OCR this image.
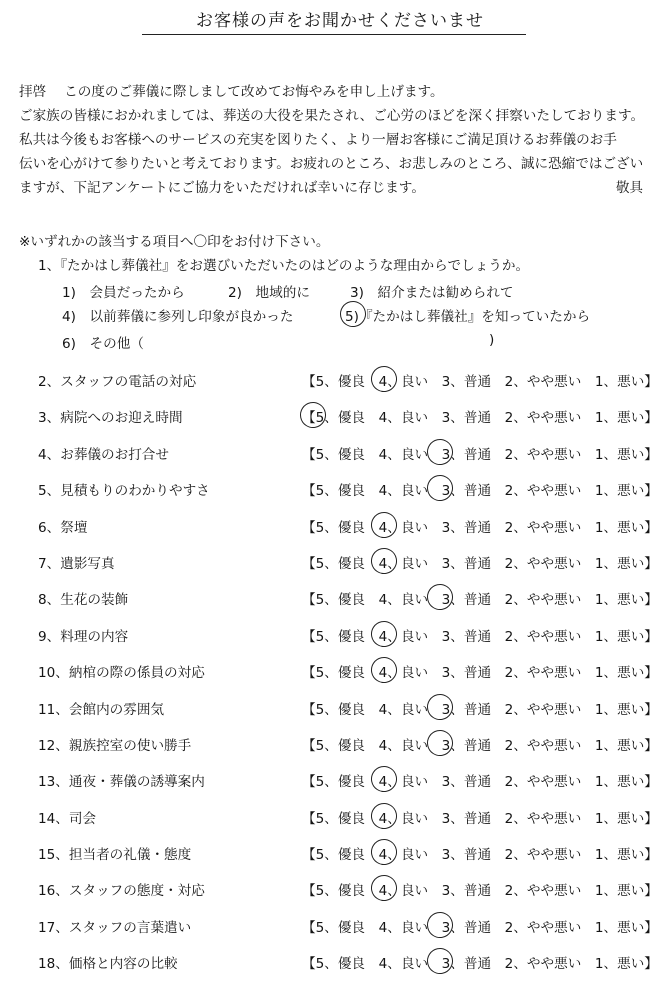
お客様の声をお聞かせくださいませ
拝啓　 この度のご葬儀に際しまして改めてお悔やみを申し上げます。
ご家族の皆様におかれましては、葬送の大役を果たされ、ご心労のほどを深く拝察いたしております。
私共は今後もお客様へのサービスの充実を図りたく、より一層お客様にご満足頂けるお葬儀のお手
伝いを心がけて参りたいと考えております。お疲れのところ、お悲しみのところ、誠に恐縮ではござい
ますが、下記アンケートにご協力をいただければ幸いに存じます。	敬具
※いずれかの該当する項目へ〇印をお付け下さい。
1、『たかはし葬儀社』をお選びいただいたのはどのような理由からでしょうか。
1)　会員だったから	2)　地域的に	3)　紹介または勧められて
4)　以前葬儀に参列し印象が良かった	5)『たかはし葬儀社』を知っていたから
6)　その他（	)
2、スタッフの電話の対応	【5、優良　4、良い　3、普通　2、やや悪い　1、悪い】
3、病院へのお迎え時間	【5、優良　4、良い　3、普通　2、やや悪い　1、悪い】
4、お葬儀のお打合せ	【5、優良　4、良い　3、普通　2、やや悪い　1、悪い】
5、見積もりのわかりやすさ	【5、優良　4、良い　3、普通　2、やや悪い　1、悪い】
6、祭壇	【5、優良　4、良い　3、普通　2、やや悪い　1、悪い】
7、遺影写真	【5、優良　4、良い　3、普通　2、やや悪い　1、悪い】
8、生花の装飾	【5、優良　4、良い　3、普通　2、やや悪い　1、悪い】
9、料理の内容	【5、優良　4、良い　3、普通　2、やや悪い　1、悪い】
10、納棺の際の係員の対応	【5、優良　4、良い　3、普通　2、やや悪い　1、悪い】
11、会館内の雰囲気	【5、優良　4、良い　3、普通　2、やや悪い　1、悪い】
12、親族控室の使い勝手	【5、優良　4、良い　3、普通　2、やや悪い　1、悪い】
13、通夜・葬儀の誘導案内	【5、優良　4、良い　3、普通　2、やや悪い　1、悪い】
14、司会	【5、優良　4、良い　3、普通　2、やや悪い　1、悪い】
15、担当者の礼儀・態度	【5、優良　4、良い　3、普通　2、やや悪い　1、悪い】
16、スタッフの態度・対応	【5、優良　4、良い　3、普通　2、やや悪い　1、悪い】
17、スタッフの言葉遣い	【5、優良　4、良い　3、普通　2、やや悪い　1、悪い】
18、価格と内容の比較	【5、優良　4、良い　3、普通　2、やや悪い　1、悪い】
